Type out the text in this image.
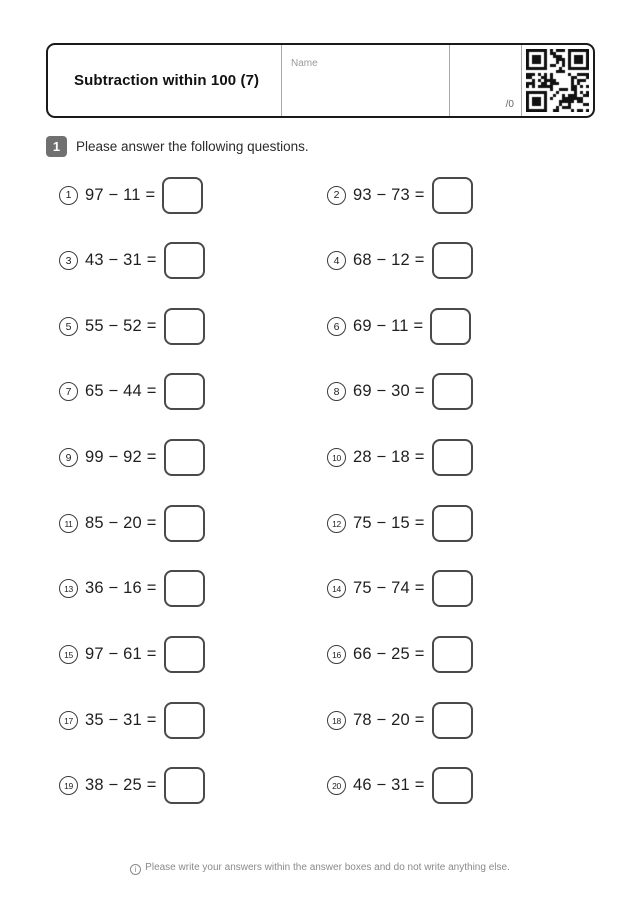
Subtraction within 100 (7)
Name
/0
1	Please answer the following questions.
1 97 − 11 =	2 93 − 73 =
3 43 − 31 =	4 68 − 12 =
5 55 − 52 =	6 69 − 11 =
7 65 − 44 =	8 69 − 30 =
9 99 − 92 =	10 28 − 18 =
11 85 − 20 =	12 75 − 15 =
13 36 − 16 =	14 75 − 74 =
15 97 − 61 =	16 66 − 25 =
17 35 − 31 =	18 78 − 20 =
19 38 − 25 =	20 46 − 31 =
i Please write your answers within the answer boxes and do not write anything else.
